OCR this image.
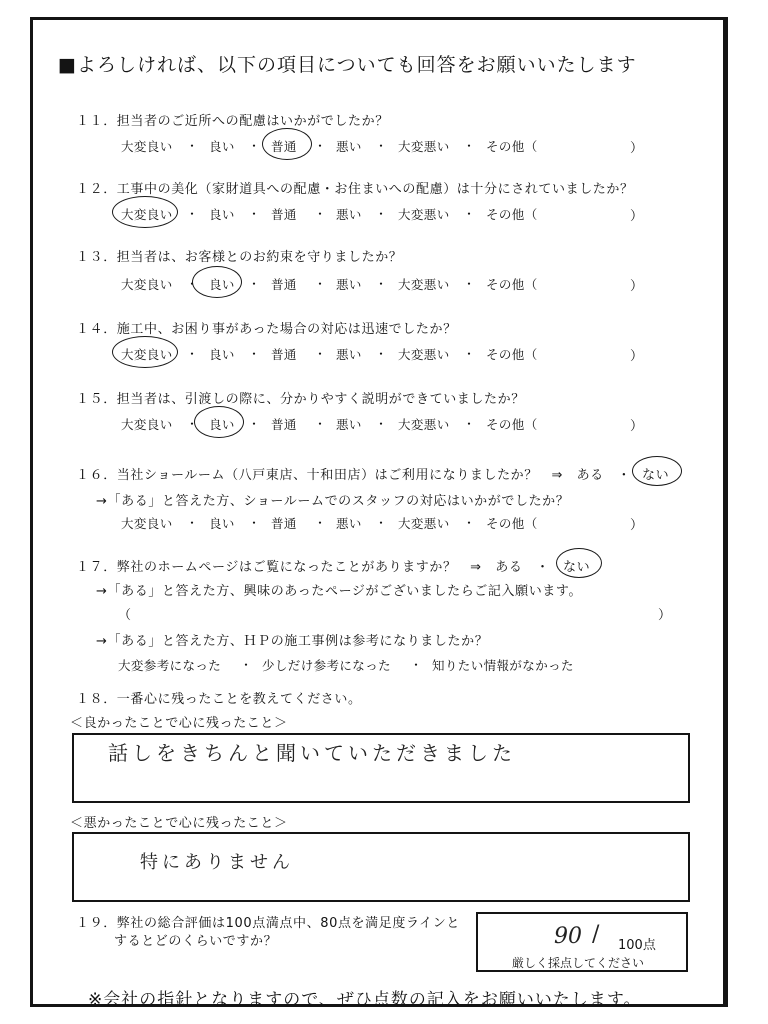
■よろしければ、以下の項目についても回答をお願いいたします
１１．担当者のご近所への配慮はいかがでしたか？
大変良い ・ 良い ・ 普通 ・ 悪い ・ 大変悪い ・ その他（	）
１２．工事中の美化（家財道具への配慮・お住まいへの配慮）は十分にされていましたか？
大変良い ・ 良い ・ 普通 ・ 悪い ・ 大変悪い ・ その他（	）
１３．担当者は、お客様とのお約束を守りましたか？
大変良い ・ 良い ・ 普通 ・ 悪い ・ 大変悪い ・ その他（	）
１４．施工中、お困り事があった場合の対応は迅速でしたか？
大変良い ・ 良い ・ 普通 ・ 悪い ・ 大変悪い ・ その他（	）
１５．担当者は、引渡しの際に、分かりやすく説明ができていましたか？
大変良い ・ 良い ・ 普通 ・ 悪い ・ 大変悪い ・ その他（	）
１６．当社ショールーム（八戸東店、十和田店）はご利用になりましたか？　⇒　ある　・ ない
→「ある」と答えた方、ショールームでのスタッフの対応はいかがでしたか？
大変良い ・ 良い ・ 普通 ・ 悪い ・ 大変悪い ・ その他（	）
１７．弊社のホームページはご覧になったことがありますか？　⇒　ある　・ ない
→「ある」と答えた方、興味のあったページがございましたらご記入願います。
（	）
→「ある」と答えた方、ＨＰの施工事例は参考になりましたか？
大変参考になった ・ 少しだけ参考になった ・ 知りたい情報がなかった
１８．一番心に残ったことを教えてください。
＜良かったことで心に残ったこと＞
話しをきちんと聞いていただきました
＜悪かったことで心に残ったこと＞
特にありません
１９．弊社の総合評価は100点満点中、80点を満足度ラインと
するとどのくらいですか？	90 / 100点
厳しく採点してください
※会社の指針となりますので、ぜひ点数の記入をお願いいたします。
